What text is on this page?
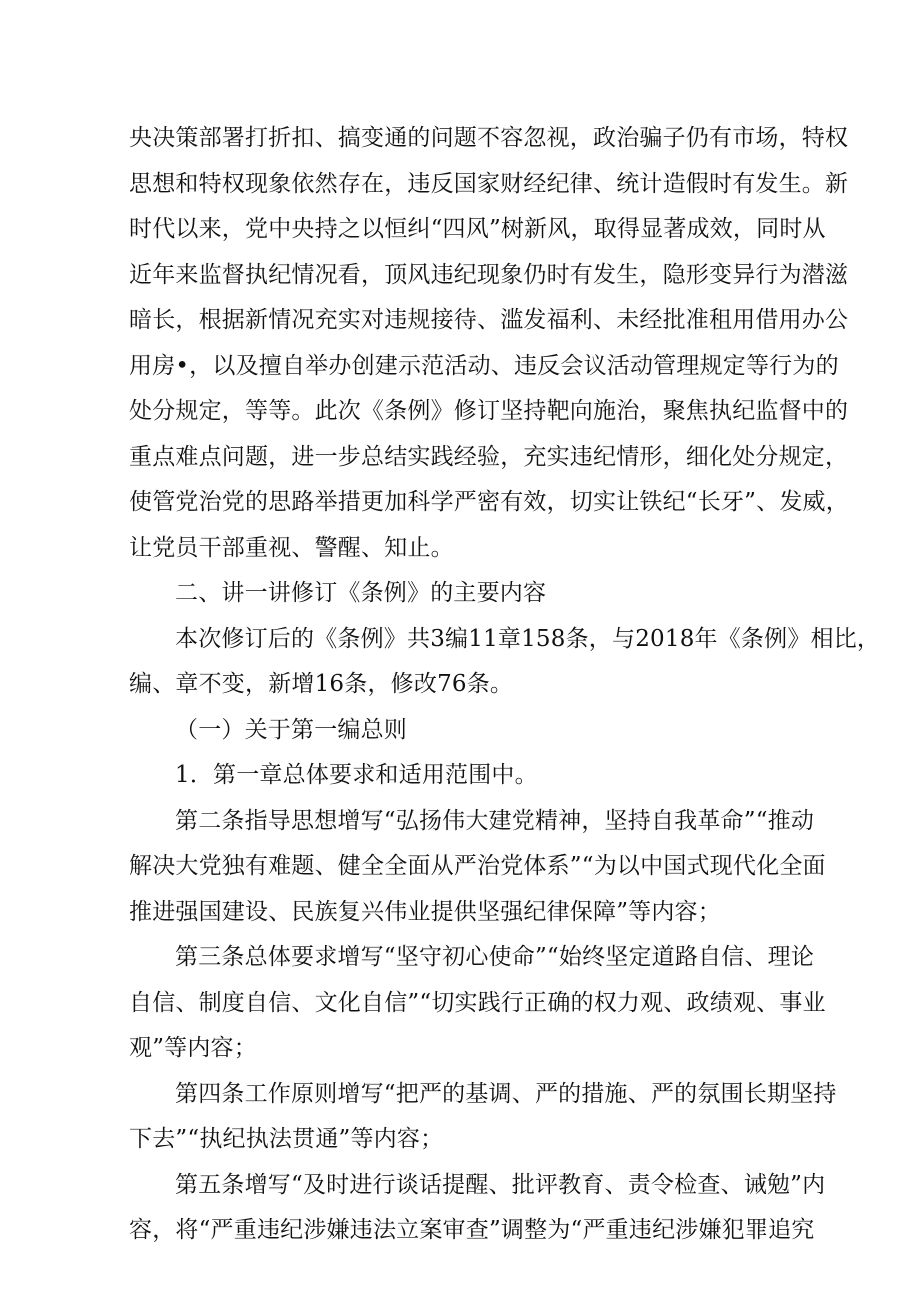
央决策部署打折扣、搞变通的问题不容忽视，政治骗子仍有市场，特权
思想和特权现象依然存在，违反国家财经纪律、统计造假时有发生。新
时代以来，党中央持之以恒纠“四风”树新风，取得显著成效，同时从
近年来监督执纪情况看，顶风违纪现象仍时有发生，隐形变异行为潜滋
暗长，根据新情况充实对违规接待、滥发福利、未经批准租用借用办公
用房•，以及擅自举办创建示范活动、违反会议活动管理规定等行为的
处分规定，等等。此次《条例》修订坚持靶向施治，聚焦执纪监督中的
重点难点问题，进一步总结实践经验，充实违纪情形，细化处分规定，
使管党治党的思路举措更加科学严密有效，切实让铁纪“长牙”、发威，
让党员干部重视、警醒、知止。
二、讲一讲修订《条例》的主要内容
本次修订后的《条例》共3编11章158条，与2018年《条例》相比，
编、章不变，新增16条，修改76条。
（一）关于第一编总则
1．第一章总体要求和适用范围中。
第二条指导思想增写“弘扬伟大建党精神，坚持自我革命”“推动
解决大党独有难题、健全全面从严治党体系”“为以中国式现代化全面
推进强国建设、民族复兴伟业提供坚强纪律保障”等内容；
第三条总体要求增写“坚守初心使命”“始终坚定道路自信、理论
自信、制度自信、文化自信”“切实践行正确的权力观、政绩观、事业
观”等内容；
第四条工作原则增写“把严的基调、严的措施、严的氛围长期坚持
下去”“执纪执法贯通”等内容；
第五条增写“及时进行谈话提醒、批评教育、责令检查、诫勉”内
容，将“严重违纪涉嫌违法立案审查”调整为“严重违纪涉嫌犯罪追究
